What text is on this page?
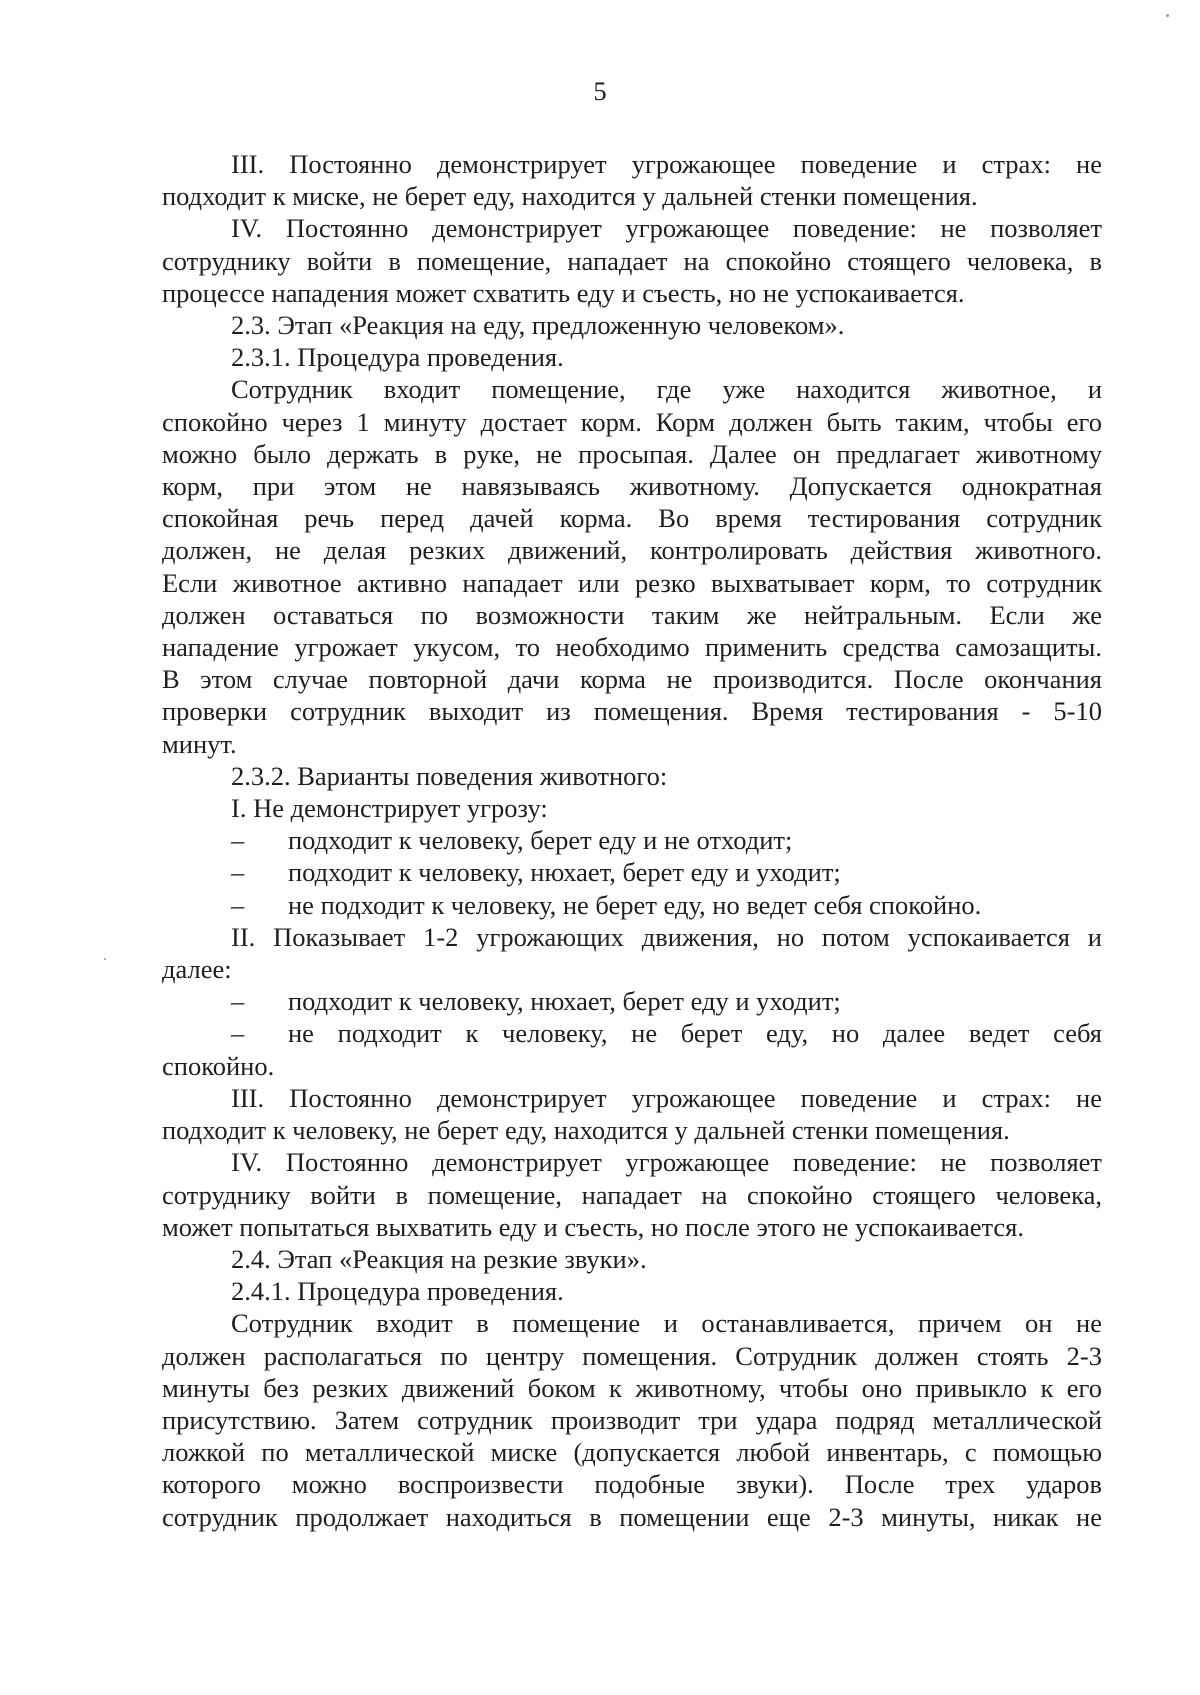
5

III. Постоянно демонстрирует угрожающее поведение и страх: не

подходит к миске, не берет еду, находится у дальней стенки помещения.

IV. Постоянно демонстрирует угрожающее поведение: не позволяет

сотруднику войти в помещение, нападает на спокойно стоящего человека, в

процессе нападения может схватить еду и съесть, но не успокаивается.

2.3. Этап «Реакция на еду, предложенную человеком».

2.3.1. Процедура проведения.

Сотрудник входит помещение, где уже находится животное, и

спокойно через 1 минуту достает корм. Корм должен быть таким, чтобы его

можно было держать в руке, не просыпая. Далее он предлагает животному

корм, при этом не навязываясь животному. Допускается однократная

спокойная речь перед дачей корма. Во время тестирования сотрудник

должен, не делая резких движений, контролировать действия животного.

Если животное активно нападает или резко выхватывает корм, то сотрудник

должен оставаться по возможности таким же нейтральным. Если же

нападение угрожает укусом, то необходимо применить средства самозащиты.

В этом случае повторной дачи корма не производится. После окончания

проверки сотрудник выходит из помещения. Время тестирования - 5-10

минут.

2.3.2. Варианты поведения животного:

I. Не демонстрирует угрозу:

–	подходит к человеку, берет еду и не отходит;
–	подходит к человеку, нюхает, берет еду и уходит;
–	не подходит к человеку, не берет еду, но ведет себя спокойно.

II. Показывает 1-2 угрожающих движения, но потом успокаивается и

далее:

–	подходит к человеку, нюхает, берет еду и уходит;
–	не подходит к человеку, не берет еду, но далее ведет себя

спокойно.

III. Постоянно демонстрирует угрожающее поведение и страх: не

подходит к человеку, не берет еду, находится у дальней стенки помещения.

IV. Постоянно демонстрирует угрожающее поведение: не позволяет

сотруднику войти в помещение, нападает на спокойно стоящего человека,

может попытаться выхватить еду и съесть, но после этого не успокаивается.

2.4. Этап «Реакция на резкие звуки».

2.4.1. Процедура проведения.

Сотрудник входит в помещение и останавливается, причем он не

должен располагаться по центру помещения. Сотрудник должен стоять 2-3

минуты без резких движений боком к животному, чтобы оно привыкло к его

присутствию. Затем сотрудник производит три удара подряд металлической

ложкой по металлической миске (допускается любой инвентарь, с помощью

которого можно воспроизвести подобные звуки). После трех ударов

сотрудник продолжает находиться в помещении еще 2-3 минуты, никак не
